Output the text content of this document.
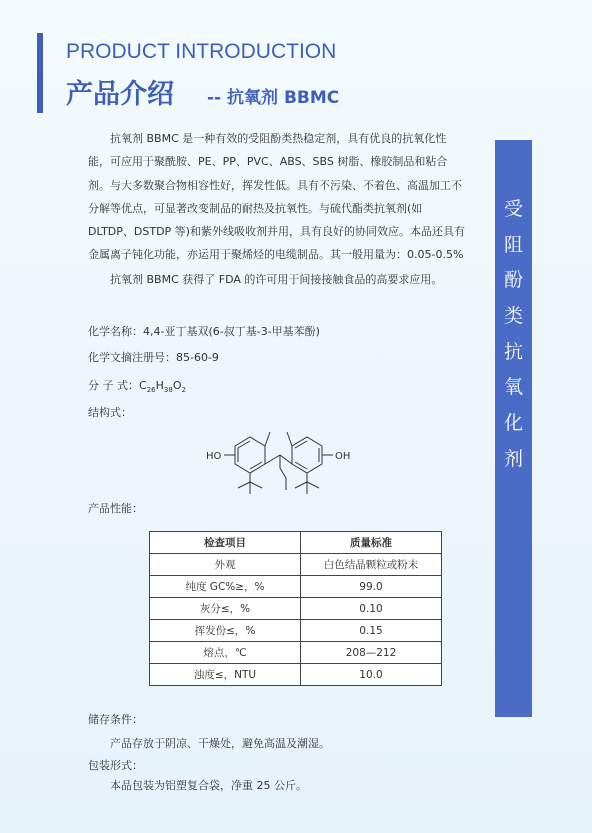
PRODUCT INTRODUCTION
产品介绍 -- 抗氧剂 BBMC
受
阻
酚
类
抗
氧
化
剂

抗氧剂 BBMC 是一种有效的受阻酚类热稳定剂，具有优良的抗氧化性能，可应用于聚酰胺、PE、PP、PVC、ABS、SBS 树脂、橡胶制品和粘合剂。与大多数聚合物相容性好，挥发性低。具有不污染、不着色、高温加工不分解等优点，可显著改变制品的耐热及抗氧性。与硫代酯类抗氧剂(如 DLTDP、DSTDP 等)和紫外线吸收剂并用，具有良好的协同效应。本品还具有金属离子钝化功能，亦运用于聚烯烃的电缆制品。其一般用量为：0.05-0.5%

抗氧剂 BBMC 获得了 FDA 的许可用于间接接触食品的高要求应用。

化学名称：4,4-亚丁基双(6-叔丁基-3-甲基苯酚)
化学文摘注册号：85-60-9
分 子 式：$C_{26}H_{38}O_2$
结构式：
HO	OH
产品性能：
检查项目	质量标准
外观	白色结晶颗粒或粉末
纯度 GC%≥，%	99.0
灰分≤，%	0.10
挥发份≤，%	0.15
熔点，℃	208—212
浊度≤，NTU	10.0
储存条件：
产品存放于阴凉、干燥处，避免高温及潮湿。
包装形式：
本品包装为铝塑复合袋，净重 25 公斤。
